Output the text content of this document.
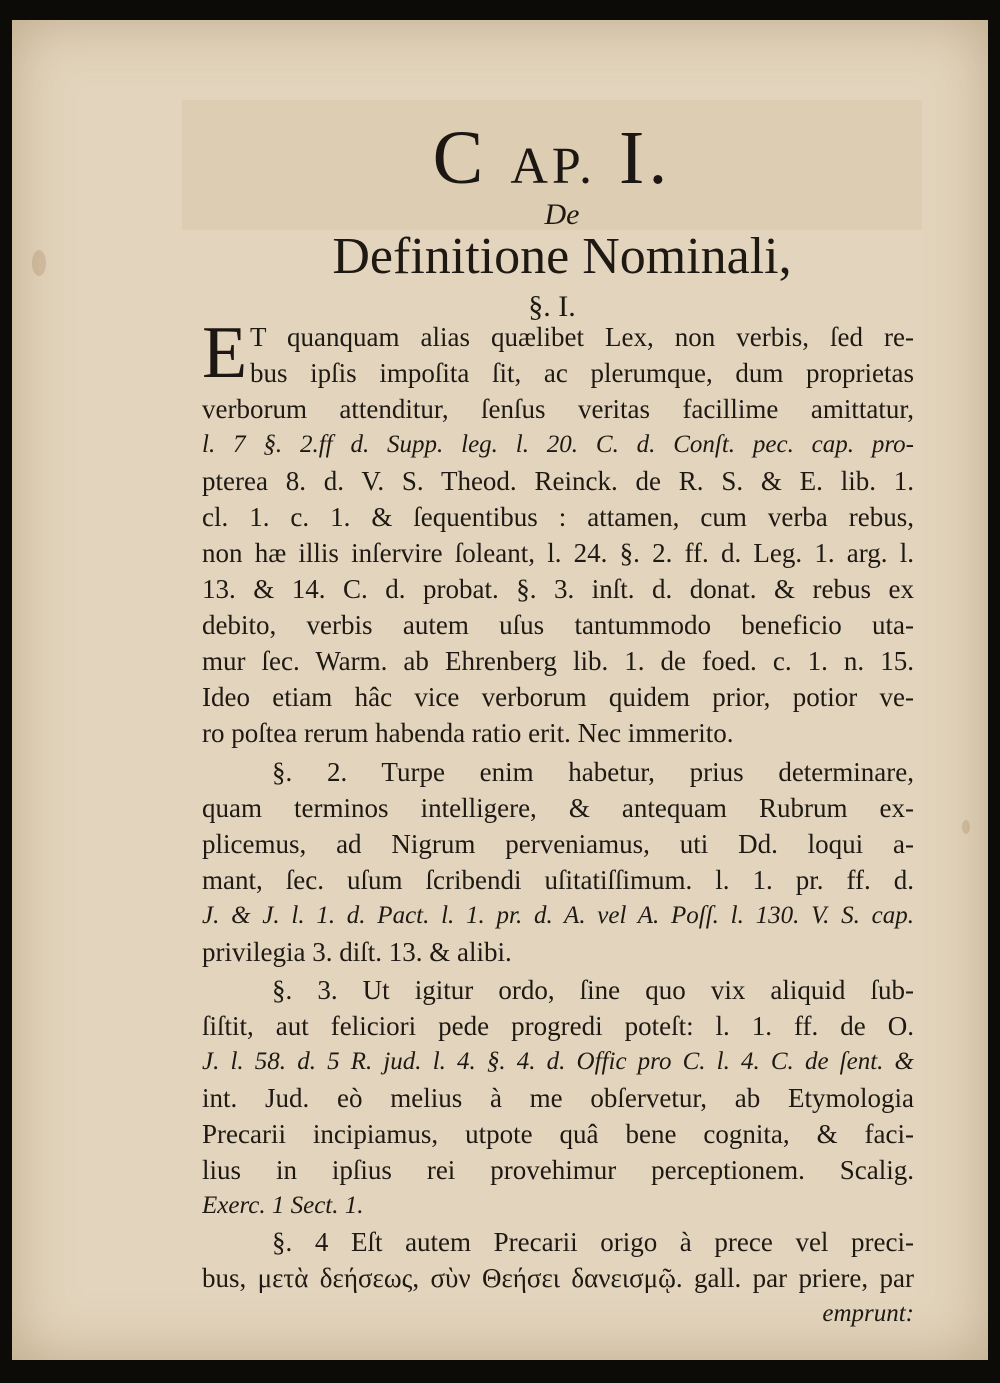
C AP. I.
De
Definitione Nominali,
§. I.
E T quanquam alias quælibet Lex, non verbis, ſed re-
bus ipſis impoſita ſit, ac plerumque, dum proprietas
verborum attenditur, ſenſus veritas facillime amittatur,
l. 7 §. 2.ff d. Supp. leg. l. 20. C. d. Conſt. pec. cap. pro-
pterea 8. d. V. S. Theod. Reinck. de R. S. & E. lib. 1.
cl. 1. c. 1. & ſequentibus : attamen, cum verba rebus,
non hæ illis inſervire ſoleant, l. 24. §. 2. ff. d. Leg. 1. arg. l.
13. & 14. C. d. probat. §. 3. inſt. d. donat. & rebus ex
debito, verbis autem uſus tantummodo beneficio uta-
mur ſec. Warm. ab Ehrenberg lib. 1. de foed. c. 1. n. 15.
Ideo etiam hâc vice verborum quidem prior, potior ve-
ro poſtea rerum habenda ratio erit. Nec immerito.
§. 2. Turpe enim habetur, prius determinare,
quam terminos intelligere, & antequam Rubrum ex-
plicemus, ad Nigrum perveniamus, uti Dd. loqui a-
mant, ſec. uſum ſcribendi uſitatiſſimum. l. 1. pr. ff. d.
J. & J. l. 1. d. Pact. l. 1. pr. d. A. vel A. Poſſ. l. 130. V. S. cap.
privilegia 3. diſt. 13. & alibi.
§. 3. Ut igitur ordo, ſine quo vix aliquid ſub-
ſiſtit, aut feliciori pede progredi poteſt: l. 1. ff. de O.
J. l. 58. d. 5 R. jud. l. 4. §. 4. d. Offic pro C. l. 4. C. de ſent. &
int. Jud. eò melius à me obſervetur, ab Etymologia
Precarii incipiamus, utpote quâ bene cognita, & faci-
lius in ipſius rei provehimur perceptionem. Scalig.
Exerc. 1 Sect. 1.
§. 4 Eſt autem Precarii origo à prece vel preci-
bus, μετὰ δεήσεως, σὺν Θεήσει δανεισμῷ. gall. par priere, par
emprunt:
